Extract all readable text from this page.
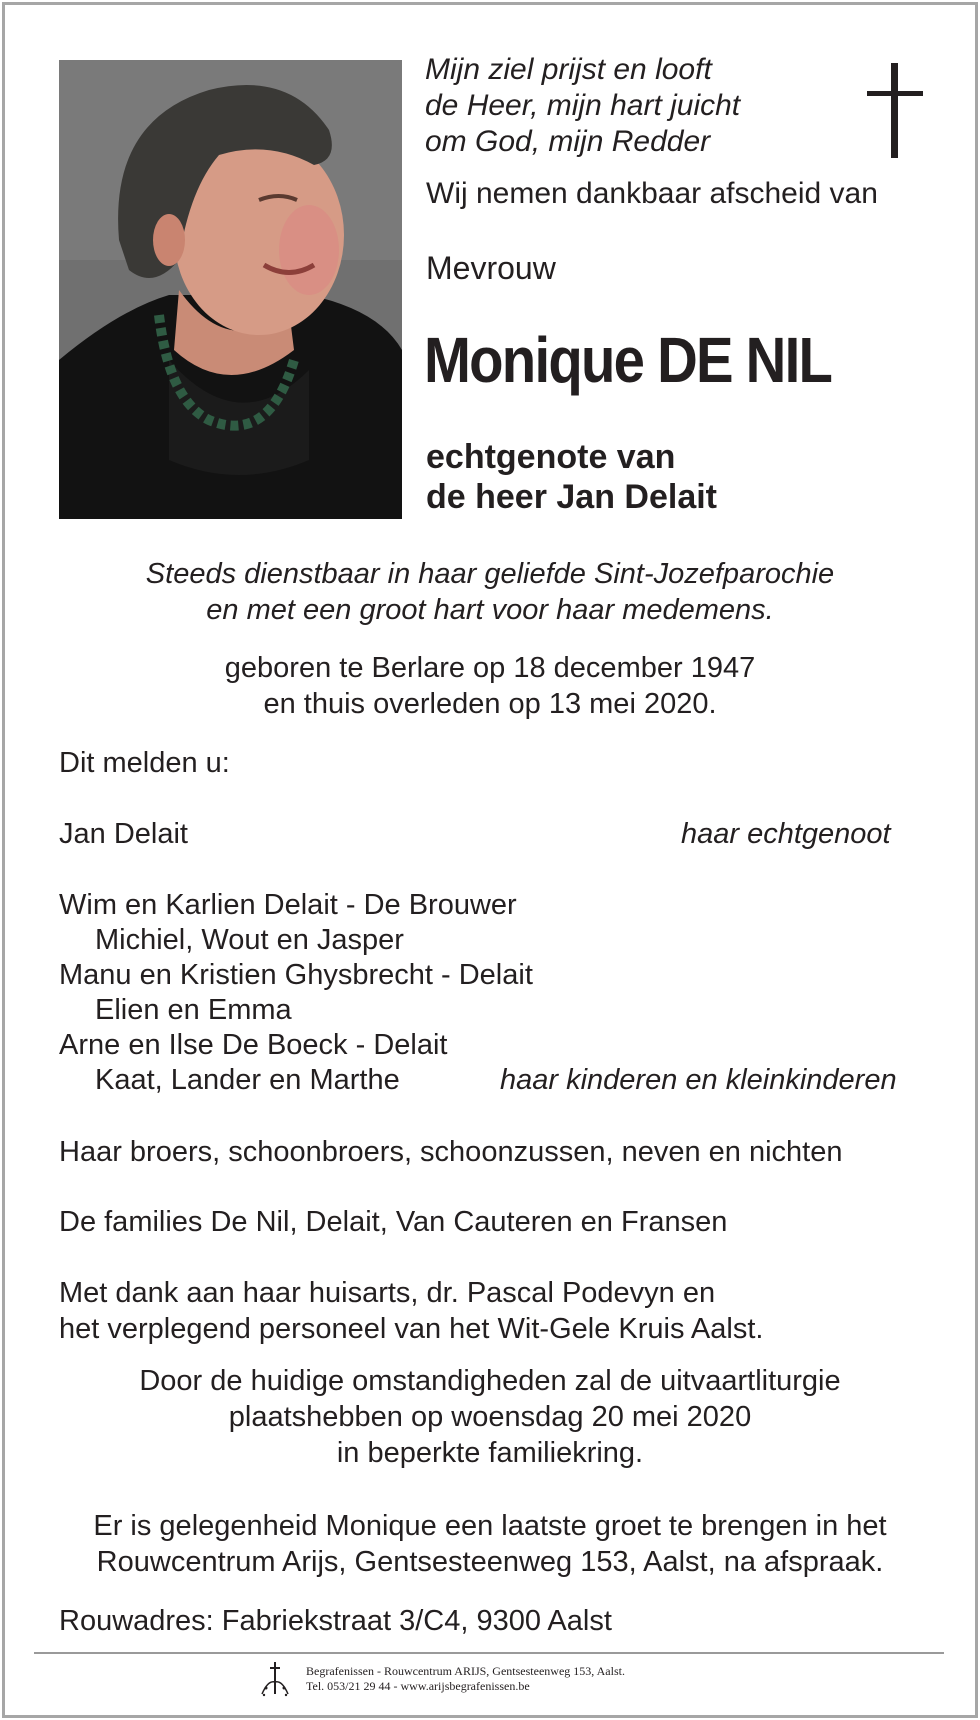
Mijn ziel prijst en looft
de Heer, mijn hart juicht
om God, mijn Redder
Wij nemen dankbaar afscheid van
Mevrouw
Monique DE NIL
echtgenote van
de heer Jan Delait
Steeds dienstbaar in haar geliefde Sint-Jozefparochie
en met een groot hart voor haar medemens.
geboren te Berlare op 18 december 1947
en thuis overleden op 13 mei 2020.
Dit melden u:
Jan Delait	haar echtgenoot
Wim en Karlien Delait - De Brouwer
Michiel, Wout en Jasper
Manu en Kristien Ghysbrecht - Delait
Elien en Emma
Arne en Ilse De Boeck - Delait
Kaat, Lander en Marthe	haar kinderen en kleinkinderen
Haar broers, schoonbroers, schoonzussen, neven en nichten
De families De Nil, Delait, Van Cauteren en Fransen
Met dank aan haar huisarts, dr. Pascal Podevyn en
het verplegend personeel van het Wit-Gele Kruis Aalst.
Door de huidige omstandigheden zal de uitvaartliturgie
plaatshebben op woensdag 20 mei 2020
in beperkte familiekring.
Er is gelegenheid Monique een laatste groet te brengen in het
Rouwcentrum Arijs, Gentsesteenweg 153, Aalst, na afspraak.
Rouwadres: Fabriekstraat 3/C4, 9300 Aalst
Begrafenissen - Rouwcentrum ARIJS, Gentsesteenweg 153, Aalst.
Tel. 053/21 29 44 - www.arijsbegrafenissen.be
